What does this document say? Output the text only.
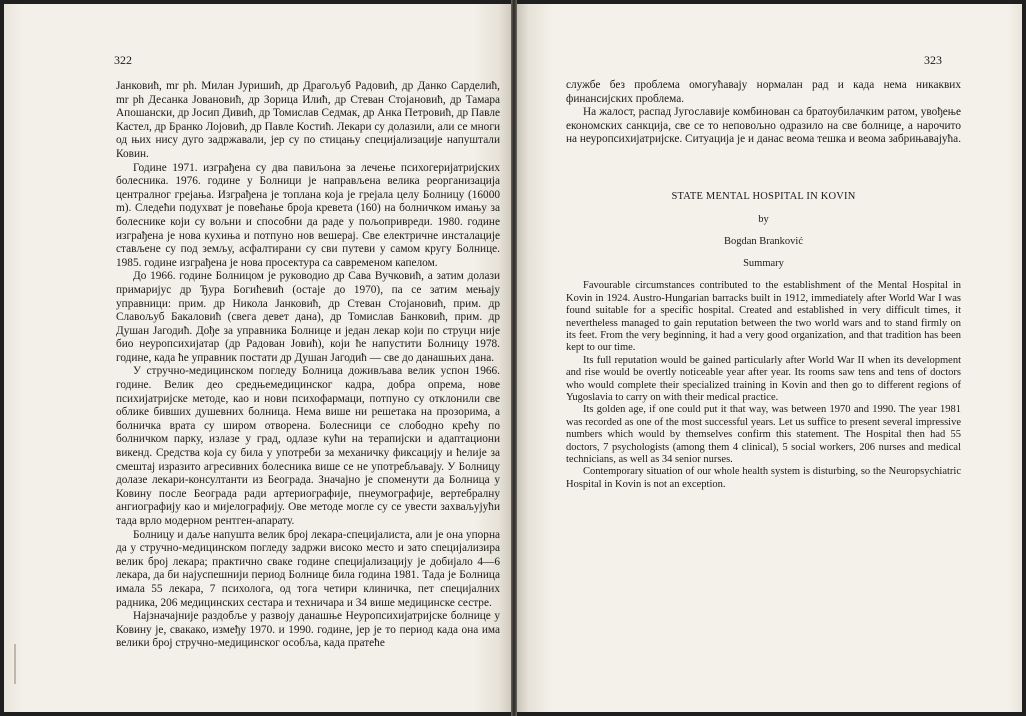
322

Јанковић, mr ph. Милан Јуришић, др Драгољуб Радовић, др Данко Сарделић, mr ph Десанка Јовановић, др Зорица Илић, др Стеван Стојановић, др Тамара Апошански, др Јосип Дивић, др Томислав Седмак, др Анка Петровић, др Павле Кастел, др Бранко Лојовић, др Павле Костић. Лекари су долазили, али се многи од њих нису дуго задржавали, јер су по стицању специјализације напуштали Ковин.

Године 1971. изграђена су два павиљона за лечење психогеријатријских болесника. 1976. године у Болници је направљена велика реорганизација централног грејања. Изграђена је топлана која је грејала целу Болницу (16000 m). Следећи подухват је повећање броја кревета (160) на болничком имању за болеснике који су вољни и способни да раде у пољопривреди. 1980. године изграђена је нова кухиња и потпуно нов вешерај. Све електричне инсталације стављене су под земљу, асфалтирани су сви путеви у самом кругу Болнице. 1985. године изграђена је нова просектура са савременом капелом.

До 1966. године Болницом је руководио др Сава Вучковић, а затим долази примаријус др Ђура Богићевић (остаје до 1970), па се затим мењају управници: прим. др Никола Јанковић, др Стеван Стојановић, прим. др Славољуб Бакаловић (свега девет дана), др Томислав Банковић, прим. др Душан Јагодић. Дође за управника Болнице и један лекар који по струци није био неуропсихијатар (др Радован Јовић), који ће напустити Болницу 1978. године, када ће управник постати др Душан Јагодић — све до данашњих дана.

У стручно-медицинском погледу Болница доживљава велик успон 1966. године. Велик део средњемедицинског кадра, добра опрема, нове психијатријске методе, као и нови психофармаци, потпуно су отклонили све облике бивших душевних болница. Нема више ни решетака на прозорима, а болничка врата су широм отворена. Болесници се слободно крећу по болничком парку, излазе у град, одлазе кући на терапијски и адаптациони викенд. Средства која су била у употреби за механичку фиксацију и ћелије за смештај изразито агресивних болесника више се не употребљавају. У Болницу долазе лекари-консултанти из Београда. Значајно је споменути да Болница у Ковину после Београда ради артериографије, пнеумографије, вертебралну ангиографију као и мијелографију. Ове методе могле су се увести захваљујући тада врло модерном рентген-апарату.

Болницу и даље напушта велик број лекара-специјалиста, али је она упорна да у стручно-медицинском погледу задржи високо место и зато специјализира велик број лекара; практично сваке године специјализацију је добијало 4—6 лекара, да би најуспешнији период Болнице била година 1981. Тада је Болница имала 55 лекара, 7 психолога, од тога четири клиничка, пет специјалних радника, 206 медицинских сестара и техничара и 34 више медицинске сестре.

Најзначајније раздобље у развоју данашње Неуропсихијатријске болнице у Ковину је, свакако, између 1970. и 1990. године, јер је то период када она има велики број стручно-медицинског особља, када пратеће

323

службе без проблема омогућавају нормалан рад и када нема никаквих финансијских проблема.

На жалост, распад Југославије комбинован са братоубилачким ратом, увођење економских санкција, све се то неповољно одразило на све болнице, а нарочито на неуропсихијатријске. Ситуација је и данас веома тешка и веома забрињавајућа.

STATE MENTAL HOSPITAL IN KOVIN
by
Bogdan Branković
Summary

Favourable circumstances contributed to the establishment of the Mental Hospital in Kovin in 1924. Austro-Hungarian barracks built in 1912, immediately after World War I was found suitable for a specific hospital. Created and established in very difficult times, it nevertheless managed to gain reputation between the two world wars and to stand firmly on its feet. From the very beginning, it had a very good organization, and that tradition has been kept to our time.

Its full reputation would be gained particularly after World War II when its development and rise would be overtly noticeable year after year. Its rooms saw tens and tens of doctors who would complete their specialized training in Kovin and then go to different regions of Yugoslavia to carry on with their medical practice.

Its golden age, if one could put it that way, was between 1970 and 1990. The year 1981 was recorded as one of the most successful years. Let us suffice to present several impressive numbers which would by themselves confirm this statement. The Hospital then had 55 doctors, 7 psychologists (among them 4 clinical), 5 social workers, 206 nurses and medical technicians, as well as 34 senior nurses.

Contemporary situation of our whole health system is disturbing, so the Neuropsychiatric Hospital in Kovin is not an exception.
